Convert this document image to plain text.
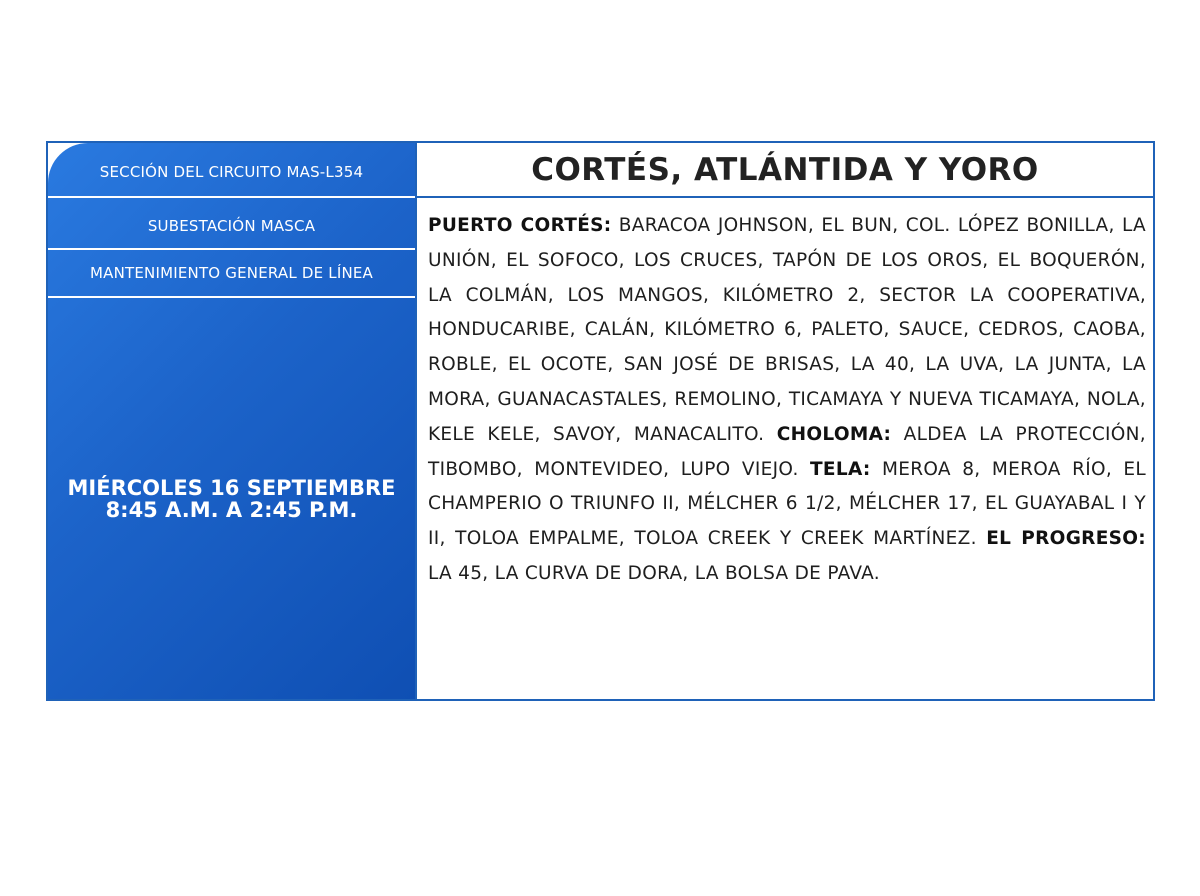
SECCIÓN DEL CIRCUITO MAS-L354
SUBESTACIÓN MASCA
MANTENIMIENTO GENERAL DE LÍNEA
MIÉRCOLES 16 SEPTIEMBRE
8:45 A.M. A 2:45 P.M.
CORTÉS, ATLÁNTIDA Y YORO
PUERTO CORTÉS: BARACOA JOHNSON, EL BUN, COL. LÓPEZ BONILLA, LA UNIÓN, EL SOFOCO, LOS CRUCES, TAPÓN DE LOS OROS, EL BOQUERÓN, LA COLMÁN, LOS MANGOS, KILÓMETRO 2, SECTOR LA COOPERATIVA, HONDUCARIBE, CALÁN, KILÓMETRO 6, PALETO, SAUCE, CEDROS, CAOBA, ROBLE, EL OCOTE, SAN JOSÉ DE BRISAS, LA 40, LA UVA, LA JUNTA, LA MORA, GUANACASTALES, REMOLINO, TICAMAYA Y NUEVA TICAMAYA, NOLA, KELE KELE, SAVOY, MANACALITO. CHOLOMA: ALDEA LA PROTECCIÓN, TIBOMBO, MONTEVIDEO, LUPO VIEJO. TELA: MEROA 8, MEROA RÍO, EL CHAMPERIO O TRIUNFO II, MÉLCHER 6 1/2, MÉLCHER 17, EL GUAYABAL I Y II, TOLOA EMPALME, TOLOA CREEK Y CREEK MARTÍNEZ. EL PROGRESO: LA 45, LA CURVA DE DORA, LA BOLSA DE PAVA.
